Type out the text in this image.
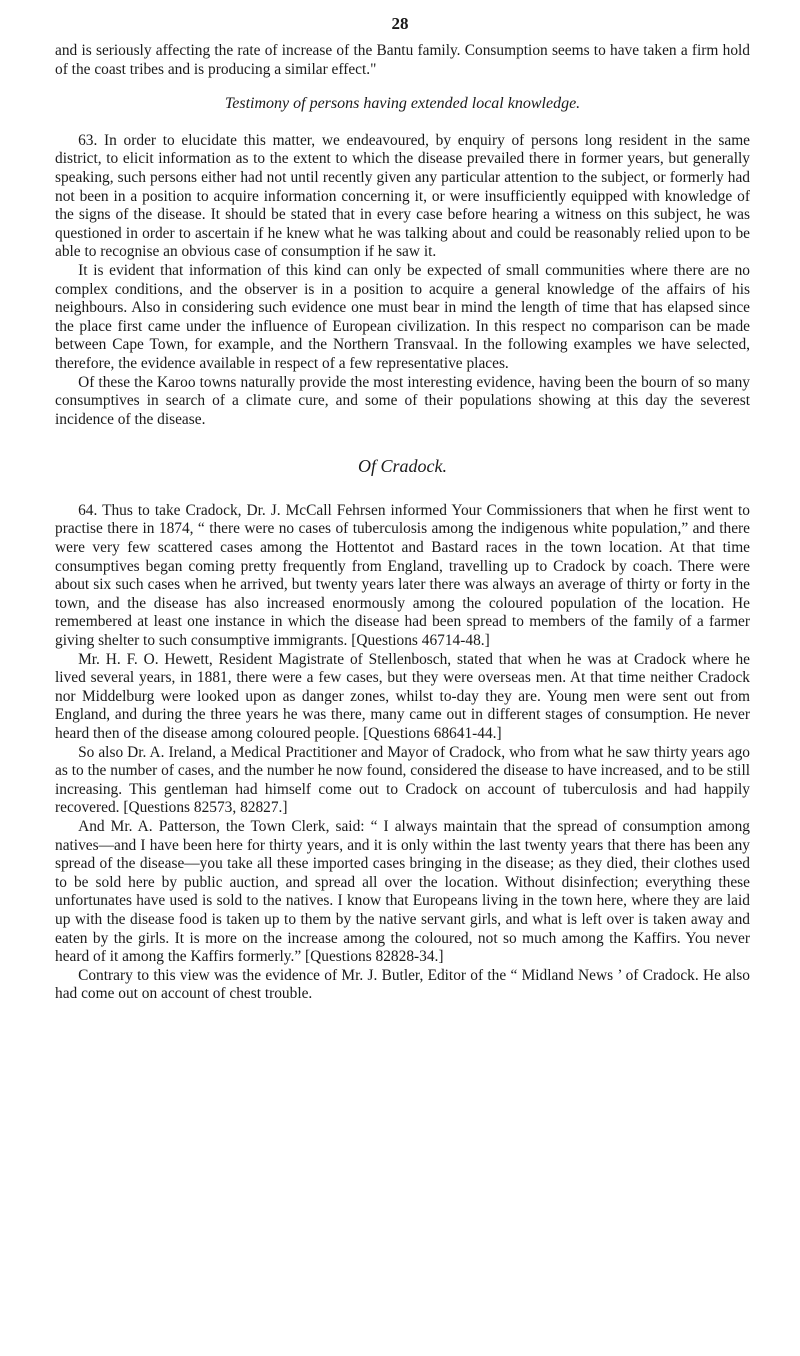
28

and is seriously affecting the rate of increase of the Bantu family. Consumption seems to have taken a firm hold of the coast tribes and is producing a similar effect."

Testimony of persons having extended local knowledge.

63. In order to elucidate this matter, we endeavoured, by enquiry of persons long resident in the same district, to elicit information as to the extent to which the disease prevailed there in former years, but generally speaking, such persons either had not until recently given any particular attention to the subject, or formerly had not been in a position to acquire information concerning it, or were insufficiently equipped with knowledge of the signs of the disease. It should be stated that in every case before hearing a witness on this subject, he was questioned in order to ascertain if he knew what he was talking about and could be reasonably relied upon to be able to recognise an obvious case of consumption if he saw it.

It is evident that information of this kind can only be expected of small communities where there are no complex conditions, and the observer is in a position to acquire a general knowledge of the affairs of his neighbours. Also in considering such evidence one must bear in mind the length of time that has elapsed since the place first came under the influence of European civilization. In this respect no comparison can be made between Cape Town, for example, and the Northern Transvaal. In the following examples we have selected, therefore, the evidence available in respect of a few representative places.

Of these the Karoo towns naturally provide the most interesting evidence, having been the bourn of so many consumptives in search of a climate cure, and some of their populations showing at this day the severest incidence of the disease.

Of Cradock.

64. Thus to take Cradock, Dr. J. McCall Fehrsen informed Your Commissioners that when he first went to practise there in 1874, “ there were no cases of tuberculosis among the indigenous white population,” and there were very few scattered cases among the Hottentot and Bastard races in the town location. At that time consumptives began coming pretty frequently from England, travelling up to Cradock by coach. There were about six such cases when he arrived, but twenty years later there was always an average of thirty or forty in the town, and the disease has also increased enormously among the coloured population of the location. He remembered at least one instance in which the disease had been spread to members of the family of a farmer giving shelter to such consumptive immigrants. [Questions 46714-48.]

Mr. H. F. O. Hewett, Resident Magistrate of Stellenbosch, stated that when he was at Cradock where he lived several years, in 1881, there were a few cases, but they were overseas men. At that time neither Cradock nor Middelburg were looked upon as danger zones, whilst to-day they are. Young men were sent out from England, and during the three years he was there, many came out in different stages of consumption. He never heard then of the disease among coloured people. [Questions 68641-44.]

So also Dr. A. Ireland, a Medical Practitioner and Mayor of Cradock, who from what he saw thirty years ago as to the number of cases, and the number he now found, considered the disease to have increased, and to be still increasing. This gentleman had himself come out to Cradock on account of tuberculosis and had happily recovered. [Questions 82573, 82827.]

And Mr. A. Patterson, the Town Clerk, said: “ I always maintain that the spread of consumption among natives—and I have been here for thirty years, and it is only within the last twenty years that there has been any spread of the disease—you take all these imported cases bringing in the disease; as they died, their clothes used to be sold here by public auction, and spread all over the location. Without disinfection; everything these unfortunates have used is sold to the natives. I know that Europeans living in the town here, where they are laid up with the disease food is taken up to them by the native servant girls, and what is left over is taken away and eaten by the girls. It is more on the increase among the coloured, not so much among the Kaffirs. You never heard of it among the Kaffirs formerly.” [Questions 82828-34.]

Contrary to this view was the evidence of Mr. J. Butler, Editor of the “ Midland News ’ of Cradock. He also had come out on account of chest trouble.
